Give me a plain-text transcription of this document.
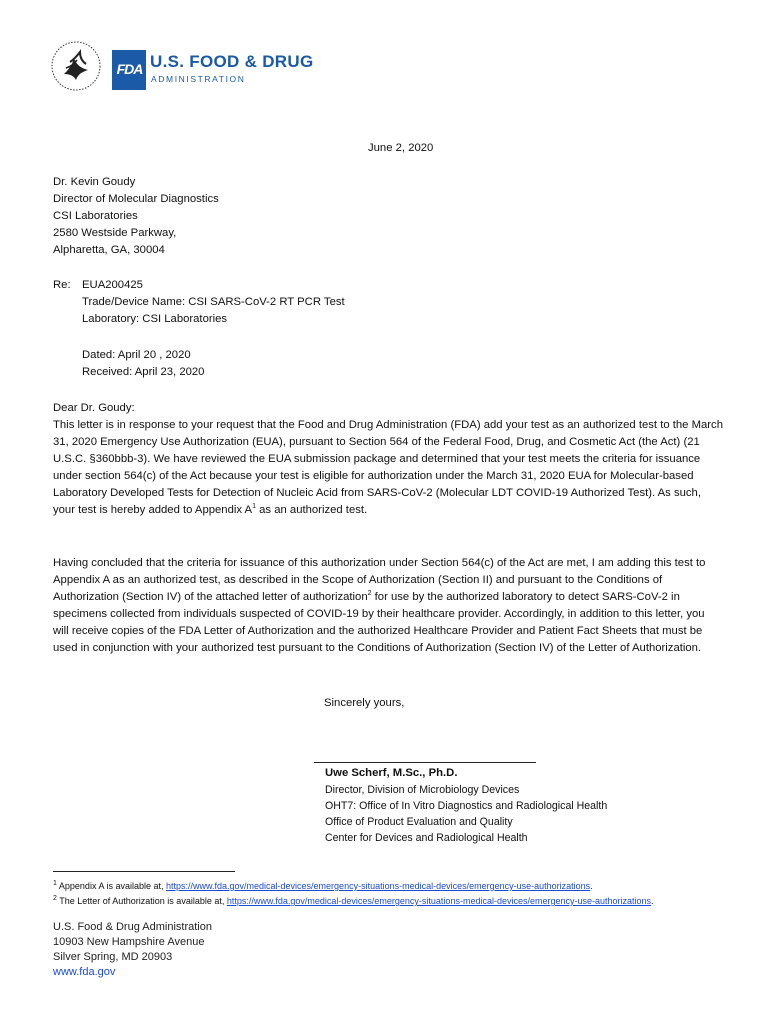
FDA U.S. FOOD & DRUG
ADMINISTRATION
June 2, 2020
Dr. Kevin Goudy
Director of Molecular Diagnostics
CSI Laboratories
2580 Westside Parkway,
Alpharetta, GA, 30004
Re: EUA200425
Trade/Device Name: CSI SARS-CoV-2 RT PCR Test
Laboratory: CSI Laboratories
Dated: April 20 , 2020
Received: April 23, 2020
Dear Dr. Goudy:

This letter is in response to your request that the Food and Drug Administration (FDA) add your test as an authorized test to the March 31, 2020 Emergency Use Authorization (EUA), pursuant to Section 564 of the Federal Food, Drug, and Cosmetic Act (the Act) (21 U.S.C. §360bbb-3). We have reviewed the EUA submission package and determined that your test meets the criteria for issuance under section 564(c) of the Act because your test is eligible for authorization under the March 31, 2020 EUA for Molecular-based Laboratory Developed Tests for Detection of Nucleic Acid from SARS-CoV-2 (Molecular LDT COVID-19 Authorized Test). As such, your test is hereby added to Appendix $A^1$ as an authorized test.

Having concluded that the criteria for issuance of this authorization under Section 564(c) of the Act are met, I am adding this test to Appendix A as an authorized test, as described in the Scope of Authorization (Section II) and pursuant to the Conditions of Authorization (Section IV) of the attached letter of authorization$^2$ for use by the authorized laboratory to detect SARS-CoV-2 in specimens collected from individuals suspected of COVID-19 by their healthcare provider. Accordingly, in addition to this letter, you will receive copies of the FDA Letter of Authorization and the authorized Healthcare Provider and Patient Fact Sheets that must be used in conjunction with your authorized test pursuant to the Conditions of Authorization (Section IV) of the Letter of Authorization.

Sincerely yours,
Uwe Scherf, M.Sc., Ph.D.
Director, Division of Microbiology Devices
OHT7: Office of In Vitro Diagnostics and Radiological Health
Office of Product Evaluation and Quality
Center for Devices and Radiological Health
$^1$ Appendix A is available at, https://www.fda.gov/medical-devices/emergency-situations-medical-devices/emergency-use-authorizations.
$^2$ The Letter of Authorization is available at, https://www.fda.gov/medical-devices/emergency-situations-medical-devices/emergency-use-authorizations.
U.S. Food & Drug Administration
10903 New Hampshire Avenue
Silver Spring, MD 20903
www.fda.gov
